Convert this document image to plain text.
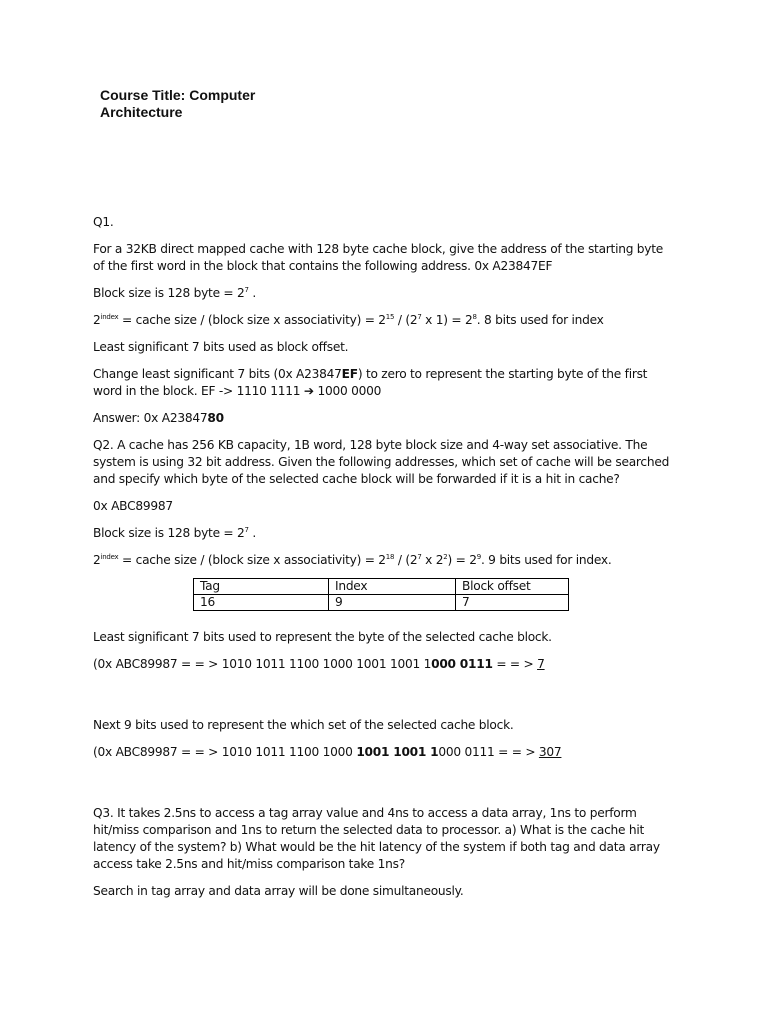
Course Title: Computer
Architecture

Q1.

For a 32KB direct mapped cache with 128 byte cache block, give the address of the starting byte of the first word in the block that contains the following address. 0x A23847EF

Block size is 128 byte = $2^7$ .

$2^{index}$ = cache size / (block size x associativity) = $2^{15} / (2^7$ x $1) = 2^8$. 8 bits used for index

Least significant 7 bits used as block offset.

Change least significant 7 bits (0x A23847EF) to zero to represent the starting byte of the first word in the block. EF -> 1110 1111 ➔ 1000 0000

Answer: 0x A2384780

Q2. A cache has 256 KB capacity, 1B word, 128 byte block size and 4-way set associative. The system is using 32 bit address. Given the following addresses, which set of cache will be searched and specify which byte of the selected cache block will be forwarded if it is a hit in cache?

0x ABC89987

Block size is 128 byte = $2^7$ .

$2^{index}$ = cache size / (block size x associativity) = $2^{18} / (2^7$ x $2^2) = 2^9$. 9 bits used for index.

Tag	Index	Block offset
16	9	7

Least significant 7 bits used to represent the byte of the selected cache block.

(0x ABC89987 = = > 1010 1011 1100 1000 1001 1001 1000 0111 = = > 7

Next 9 bits used to represent the which set of the selected cache block.

(0x ABC89987 = = > 1010 1011 1100 1000 1001 1001 1000 0111 = = > 307

Q3. It takes 2.5ns to access a tag array value and 4ns to access a data array, 1ns to perform hit/miss comparison and 1ns to return the selected data to processor. a) What is the cache hit latency of the system? b) What would be the hit latency of the system if both tag and data array access take 2.5ns and hit/miss comparison take 1ns?

Search in tag array and data array will be done simultaneously.
